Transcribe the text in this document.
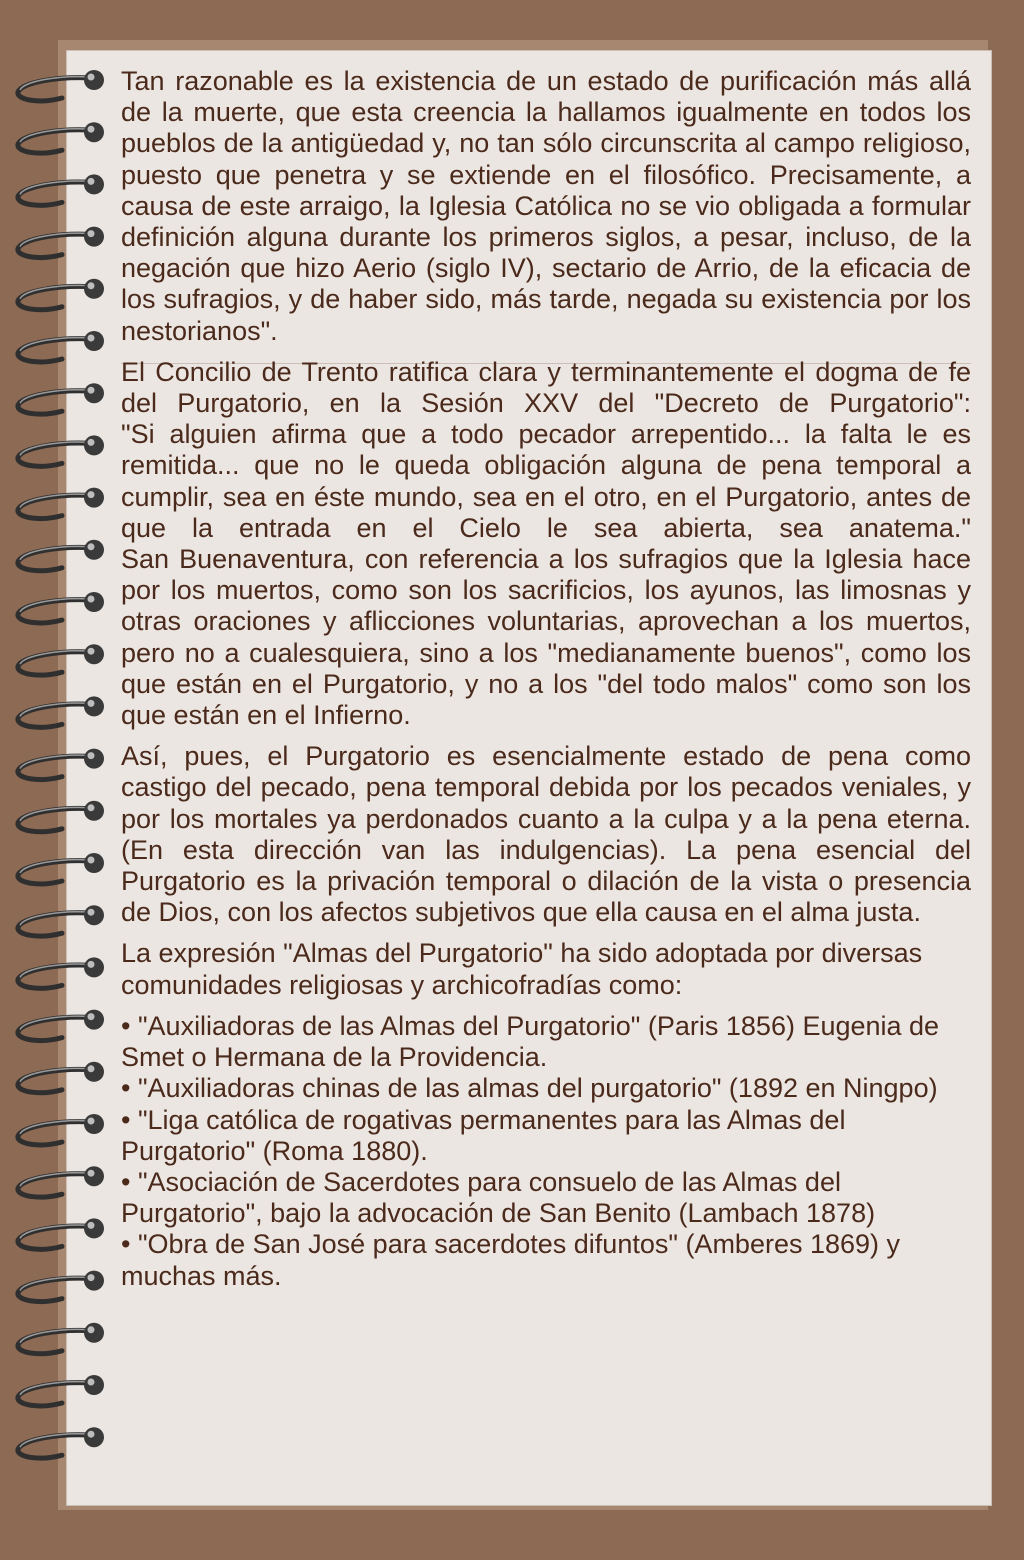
Tan razonable es la existencia de un estado de purificación más allá de la muerte, que esta creencia la hallamos igualmente en todos los pueblos de la antigüedad y, no tan sólo circunscrita al campo religioso, puesto que penetra y se extiende en el filosófico. Precisamente, a causa de este arraigo, la Iglesia Católica no se vio obligada a formular definición alguna durante los primeros siglos, a pesar, incluso, de la negación que hizo Aerio (siglo IV), sectario de Arrio, de la eficacia de los sufragios, y de haber sido, más tarde, negada su existencia por los nestorianos".

El Concilio de Trento ratifica clara y terminantemente el dogma de fe del Purgatorio, en la Sesión XXV del "Decreto de Purgatorio":
"Si alguien afirma que a todo pecador arrepentido... la falta le es remitida... que no le queda obligación alguna de pena temporal a cumplir, sea en éste mundo, sea en el otro, en el Purgatorio, antes de que la entrada en el Cielo le sea abierta, sea anatema."
San Buenaventura, con referencia a los sufragios que la Iglesia hace por los muertos, como son los sacrificios, los ayunos, las limosnas y otras oraciones y aflicciones voluntarias, aprovechan a los muertos, pero no a cualesquiera, sino a los "medianamente buenos", como los que están en el Purgatorio, y no a los "del todo malos" como son los que están en el Infierno.

Así, pues, el Purgatorio es esencialmente estado de pena como castigo del pecado, pena temporal debida por los pecados veniales, y por los mortales ya perdonados cuanto a la culpa y a la pena eterna. (En esta dirección van las indulgencias). La pena esencial del Purgatorio es la privación temporal o dilación de la vista o presencia de Dios, con los afectos subjetivos que ella causa en el alma justa.

La expresión "Almas del Purgatorio" ha sido adoptada por diversas comunidades religiosas y archicofradías como:

• "Auxiliadoras de las Almas del Purgatorio" (Paris 1856) Eugenia de Smet o Hermana de la Providencia.
• "Auxiliadoras chinas de las almas del purgatorio" (1892 en Ningpo)
• "Liga católica de rogativas permanentes para las Almas del Purgatorio" (Roma 1880).
• "Asociación de Sacerdotes para consuelo de las Almas del Purgatorio", bajo la advocación de San Benito (Lambach 1878)
• "Obra de San José para sacerdotes difuntos" (Amberes 1869) y muchas más.
